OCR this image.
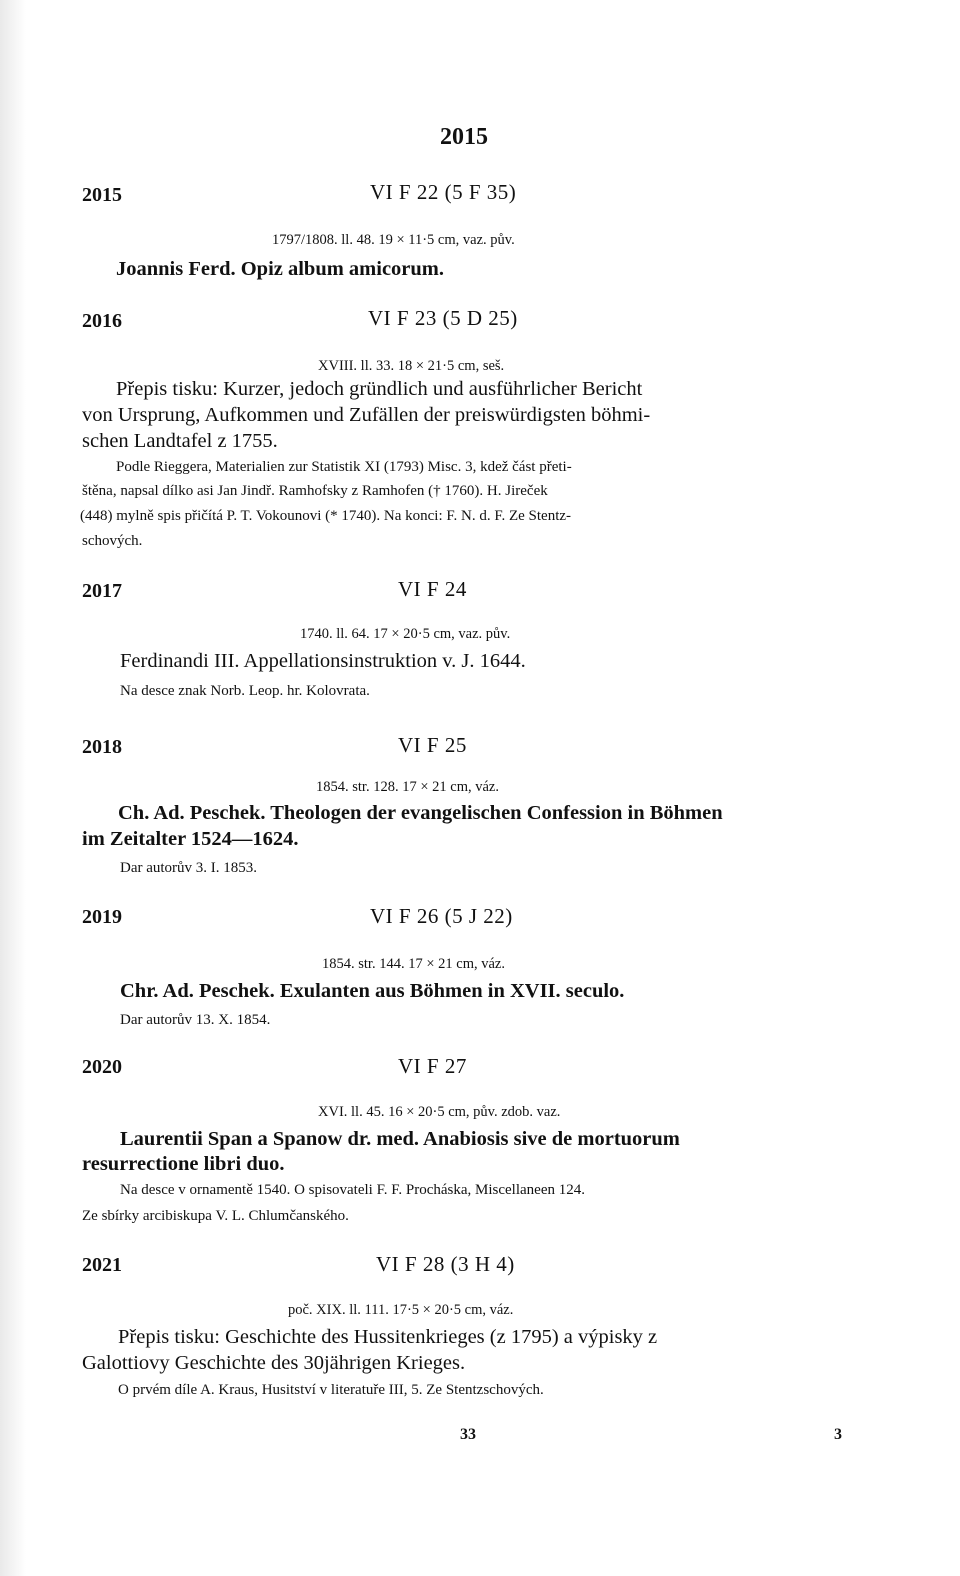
2015
2015	VI F 22 (5 F 35)
1797/1808. ll. 48. 19 × 11·5 cm, vaz. pův.
Joannis Ferd. Opiz album amicorum.
2016	VI F 23 (5 D 25)
XVIII. ll. 33. 18 × 21·5 cm, seš.
Přepis tisku: Kurzer, jedoch gründlich und ausführlicher Bericht
von Ursprung, Aufkommen und Zufällen der preiswürdigsten böhmi-
schen Landtafel z 1755.
Podle Rieggera, Materialien zur Statistik XI (1793) Misc. 3, kdež část přeti-
štěna, napsal dílko asi Jan Jindř. Ramhofsky z Ramhofen († 1760). H. Jireček
(448) mylně spis přičítá P. T. Vokounovi (* 1740). Na konci: F. N. d. F. Ze Stentz-
schových.
2017	VI F 24
1740. ll. 64. 17 × 20·5 cm, vaz. pův.
Ferdinandi III. Appellationsinstruktion v. J. 1644.
Na desce znak Norb. Leop. hr. Kolovrata.
2018	VI F 25
1854. str. 128. 17 × 21 cm, váz.
Ch. Ad. Peschek. Theologen der evangelischen Confession in Böhmen
im Zeitalter 1524—1624.
Dar autorův 3. I. 1853.
2019	VI F 26 (5 J 22)
1854. str. 144. 17 × 21 cm, váz.
Chr. Ad. Peschek. Exulanten aus Böhmen in XVII. seculo.
Dar autorův 13. X. 1854.
2020	VI F 27
XVI. ll. 45. 16 × 20·5 cm, pův. zdob. vaz.
Laurentii Span a Spanow dr. med. Anabiosis sive de mortuorum
resurrectione libri duo.
Na desce v ornamentě 1540. O spisovateli F. F. Procháska, Miscellaneen 124.
Ze sbírky arcibiskupa V. L. Chlumčanského.
2021	VI F 28 (3 H 4)
poč. XIX. ll. 111. 17·5 × 20·5 cm, váz.
Přepis tisku: Geschichte des Hussitenkrieges (z 1795) a výpisky z
Galottiovy Geschichte des 30jährigen Krieges.
O prvém díle A. Kraus, Husitství v literatuře III, 5. Ze Stentzschových.
33	3
